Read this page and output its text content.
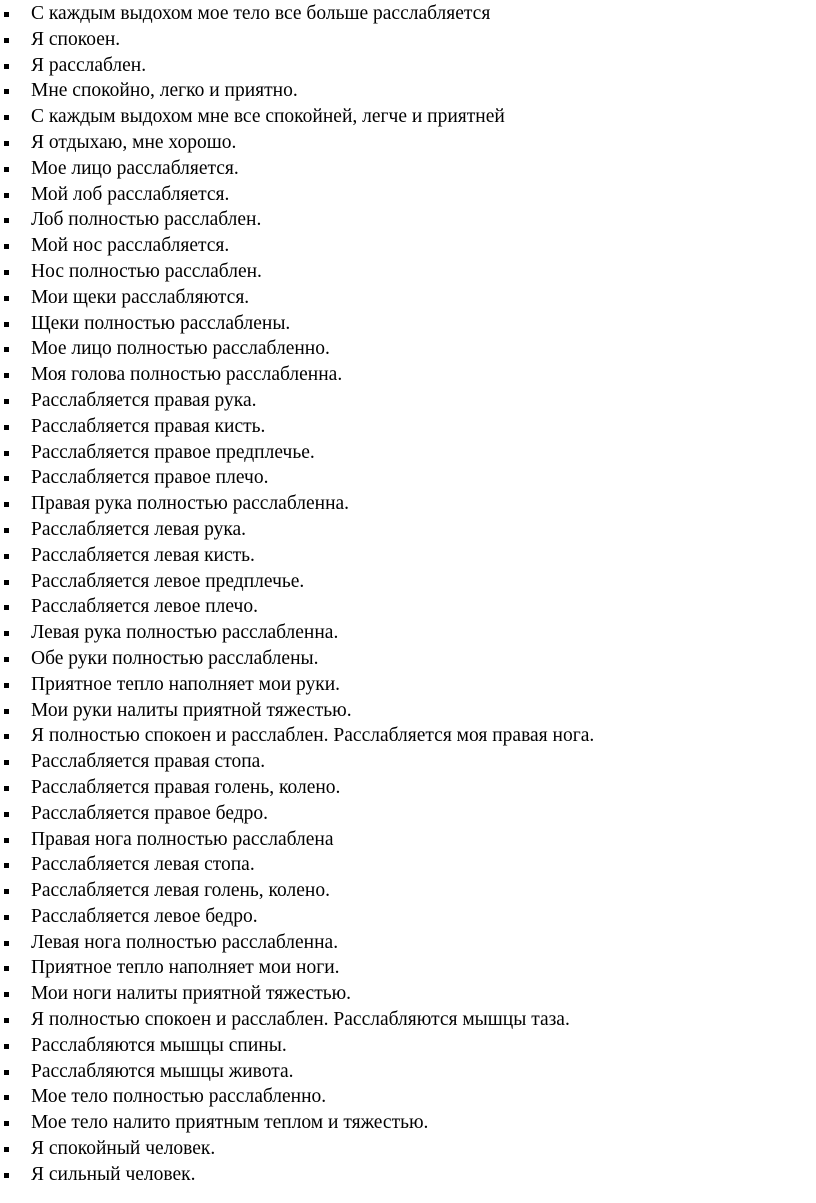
С каждым выдохом мое тело все больше расслабляется
Я спокоен.
Я расслаблен.
Мне спокойно, легко и приятно.
С каждым выдохом мне все спокойней, легче и приятней
Я отдыхаю, мне хорошо.
Мое лицо расслабляется.
Мой лоб расслабляется.
Лоб полностью расслаблен.
Мой нос расслабляется.
Нос полностью расслаблен.
Мои щеки расслабляются.
Щеки полностью расслаблены.
Мое лицо полностью расслабленно.
Моя голова полностью расслабленна.
Расслабляется правая рука.
Расслабляется правая кисть.
Расслабляется правое предплечье.
Расслабляется правое плечо.
Правая рука полностью расслабленна.
Расслабляется левая рука.
Расслабляется левая кисть.
Расслабляется левое предплечье.
Расслабляется левое плечо.
Левая рука полностью расслабленна.
Обе руки полностью расслаблены.
Приятное тепло наполняет мои руки.
Мои руки налиты приятной тяжестью.
Я полностью спокоен и расслаблен. Расслабляется моя правая нога.
Расслабляется правая стопа.
Расслабляется правая голень, колено.
Расслабляется правое бедро.
Правая нога полностью расслаблена
Расслабляется левая стопа.
Расслабляется левая голень, колено.
Расслабляется левое бедро.
Левая нога полностью расслабленна.
Приятное тепло наполняет мои ноги.
Мои ноги налиты приятной тяжестью.
Я полностью спокоен и расслаблен. Расслабляются мышцы таза.
Расслабляются мышцы спины.
Расслабляются мышцы живота.
Мое тело полностью расслабленно.
Мое тело налито приятным теплом и тяжестью.
Я спокойный человек.
Я сильный человек.
